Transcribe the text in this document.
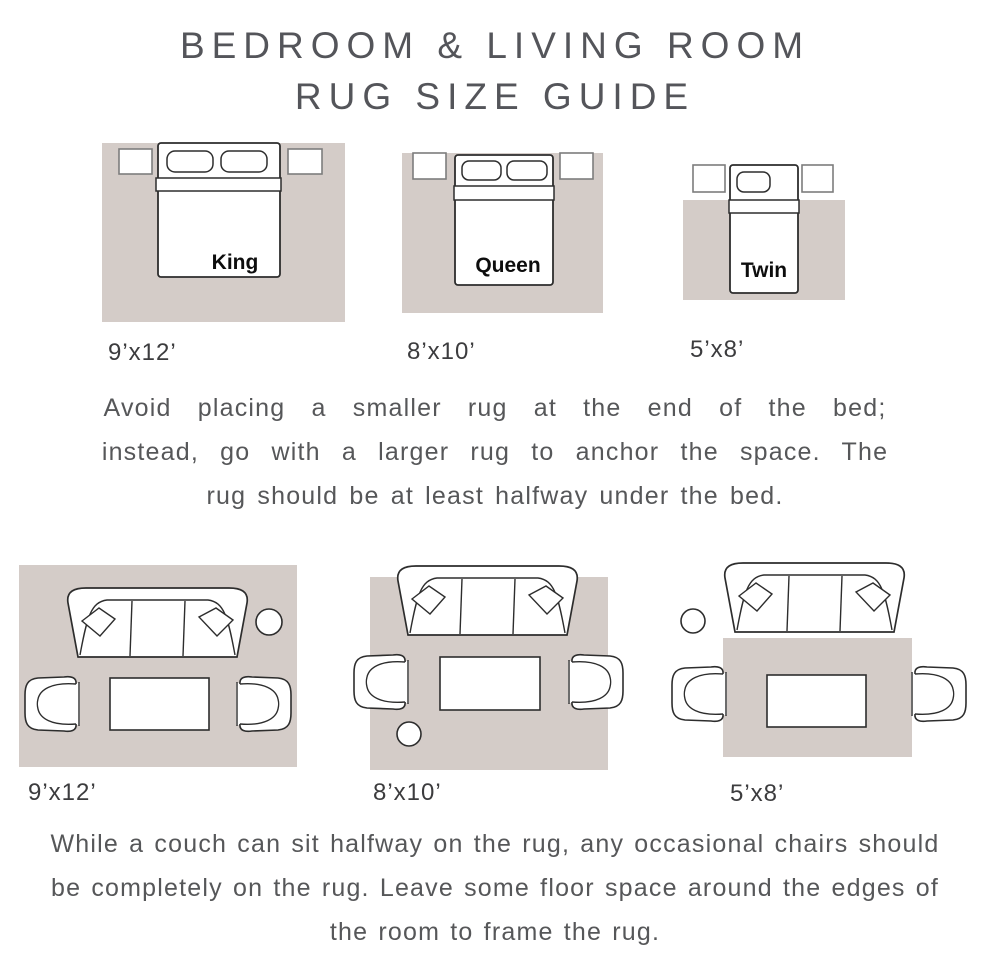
BEDROOM & LIVING ROOM
RUG SIZE GUIDE
King
9’x12’
Queen
8’x10’
Twin
5’x8’
Avoid placing a smaller rug at the end of the bed;
instead, go with a larger rug to anchor the space. The
rug should be at least halfway under the bed.
9’x12’	8’x10’	5’x8’
While a couch can sit halfway on the rug, any occasional chairs should
be completely on the rug. Leave some floor space around the edges of
the room to frame the rug.
